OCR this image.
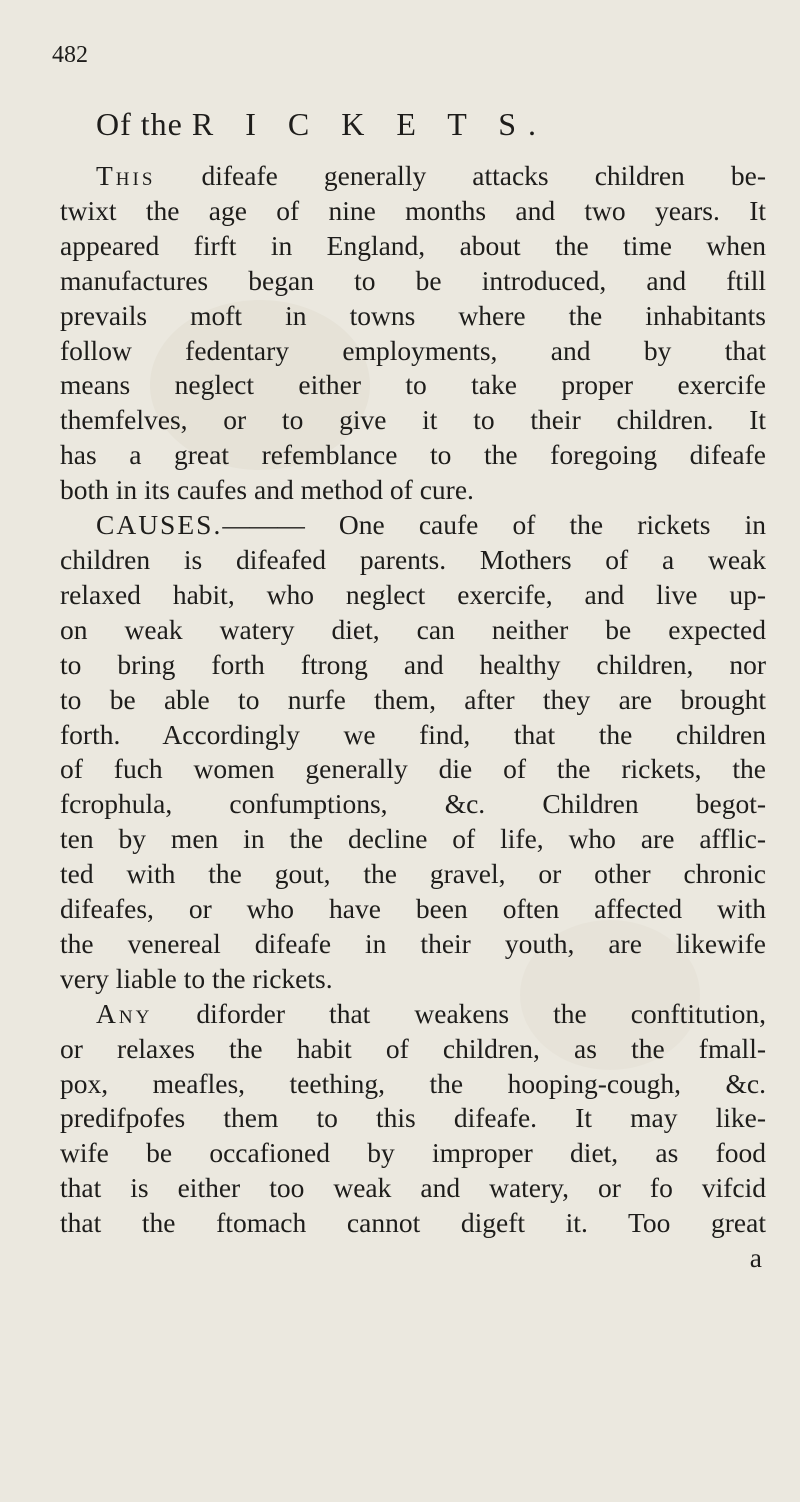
482
Of the R I C K E T S.
This difeafe generally attacks children be-
twixt the age of nine months and two years. It
appeared firft in England, about the time when
manufactures began to be introduced, and ftill
prevails moft in towns where the inhabitants
follow fedentary employments, and by that
means neglect either to take proper exercife
themfelves, or to give it to their children. It
has a great refemblance to the foregoing difeafe
both in its caufes and method of cure.
CAUSES.——— One caufe of the rickets in
children is difeafed parents. Mothers of a weak
relaxed habit, who neglect exercife, and live up-
on weak watery diet, can neither be expected
to bring forth ftrong and healthy children, nor
to be able to nurfe them, after they are brought
forth. Accordingly we find, that the children
of fuch women generally die of the rickets, the
fcrophula, confumptions, &c. Children begot-
ten by men in the decline of life, who are afflic-
ted with the gout, the gravel, or other chronic
difeafes, or who have been often affected with
the venereal difeafe in their youth, are likewife
very liable to the rickets.
Any diforder that weakens the conftitution,
or relaxes the habit of children, as the fmall-
pox, meafles, teething, the hooping-cough, &c.
predifpofes them to this difeafe. It may like-
wife be occafioned by improper diet, as food
that is either too weak and watery, or fo vifcid
that the ftomach cannot digeft it. Too great
a
